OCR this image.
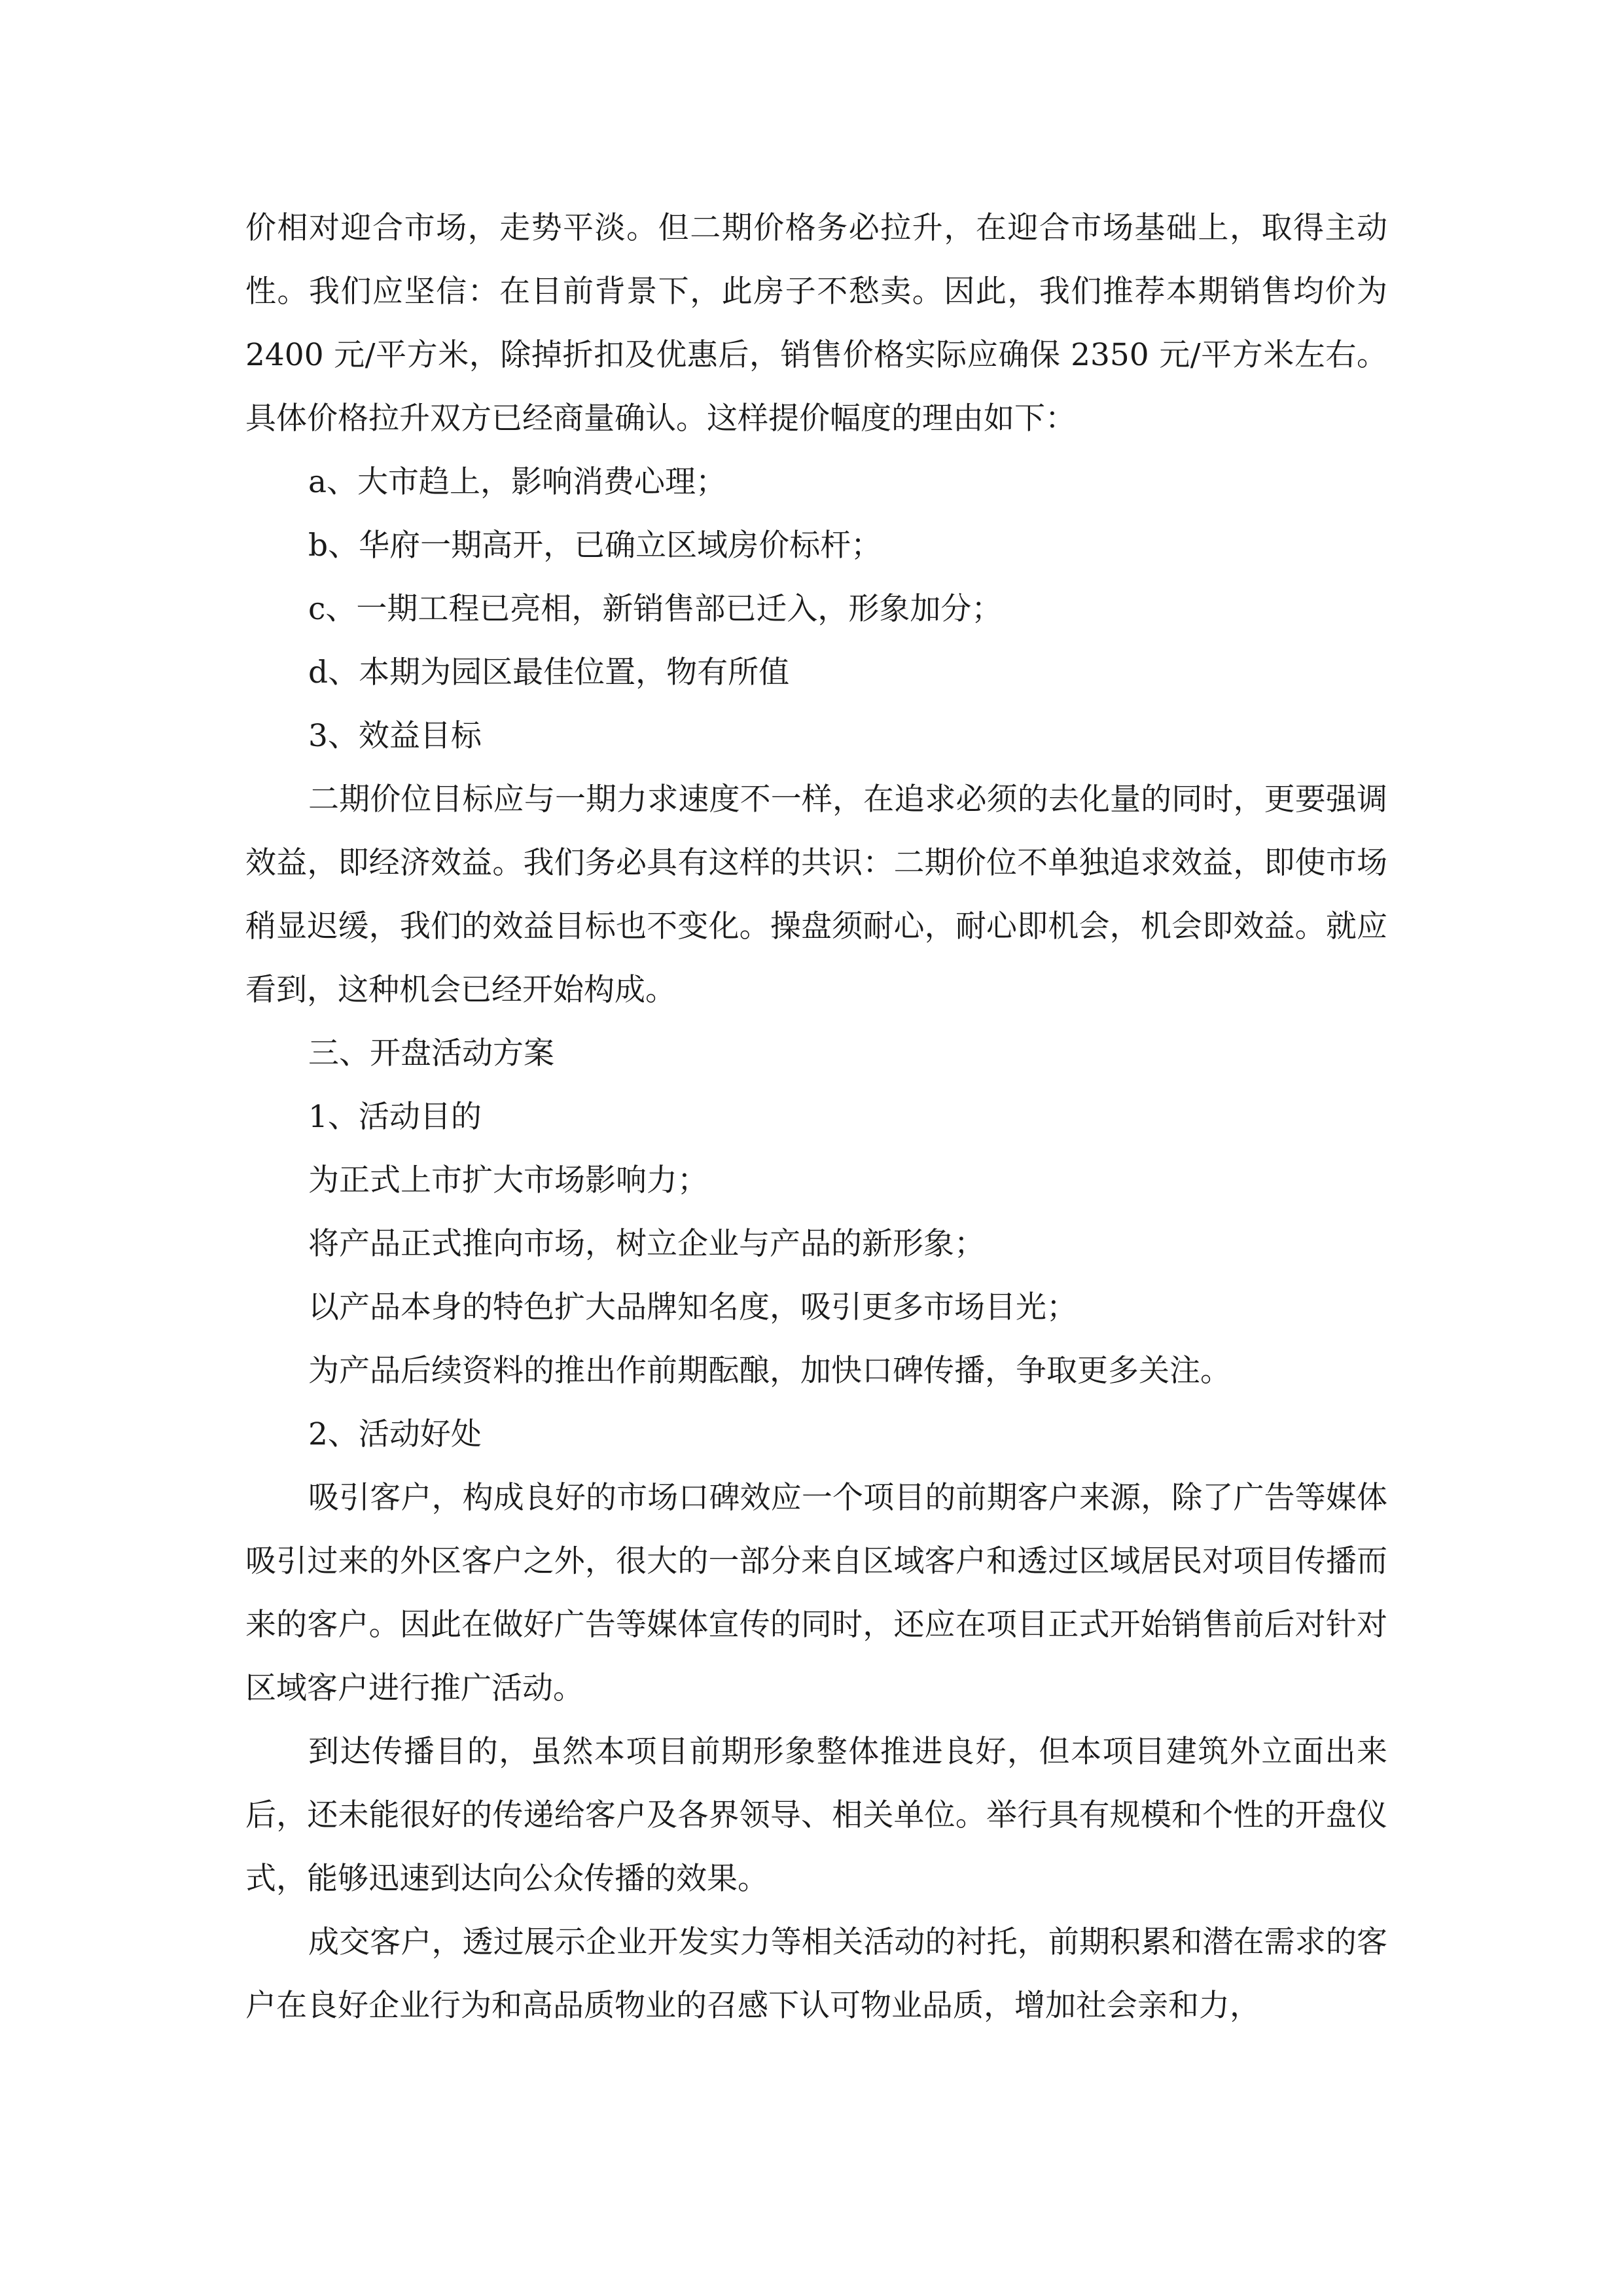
价相对迎合市场，走势平淡。但二期价格务必拉升，在迎合市场基础上，取得主动性。我们应坚信：在目前背景下，此房子不愁卖。因此，我们推荐本期销售均价为 2400 元/平方米，除掉折扣及优惠后，销售价格实际应确保 2350 元/平方米左右。具体价格拉升双方已经商量确认。这样提价幅度的理由如下：

a、大市趋上，影响消费心理；

b、华府一期高开，已确立区域房价标杆；

c、一期工程已亮相，新销售部已迁入，形象加分；

d、本期为园区最佳位置，物有所值

3、效益目标

二期价位目标应与一期力求速度不一样，在追求必须的去化量的同时，更要强调效益，即经济效益。我们务必具有这样的共识：二期价位不单独追求效益，即使市场稍显迟缓，我们的效益目标也不变化。操盘须耐心，耐心即机会，机会即效益。就应看到，这种机会已经开始构成。

三、开盘活动方案

1、活动目的

为正式上市扩大市场影响力；

将产品正式推向市场，树立企业与产品的新形象；

以产品本身的特色扩大品牌知名度，吸引更多市场目光；

为产品后续资料的推出作前期酝酿，加快口碑传播，争取更多关注。

2、活动好处

吸引客户，构成良好的市场口碑效应一个项目的前期客户来源，除了广告等媒体吸引过来的外区客户之外，很大的一部分来自区域客户和透过区域居民对项目传播而来的客户。因此在做好广告等媒体宣传的同时，还应在项目正式开始销售前后对针对区域客户进行推广活动。

到达传播目的，虽然本项目前期形象整体推进良好，但本项目建筑外立面出来后，还未能很好的传递给客户及各界领导、相关单位。举行具有规模和个性的开盘仪式，能够迅速到达向公众传播的效果。

成交客户，透过展示企业开发实力等相关活动的衬托，前期积累和潜在需求的客户在良好企业行为和高品质物业的召感下认可物业品质，增加社会亲和力，
